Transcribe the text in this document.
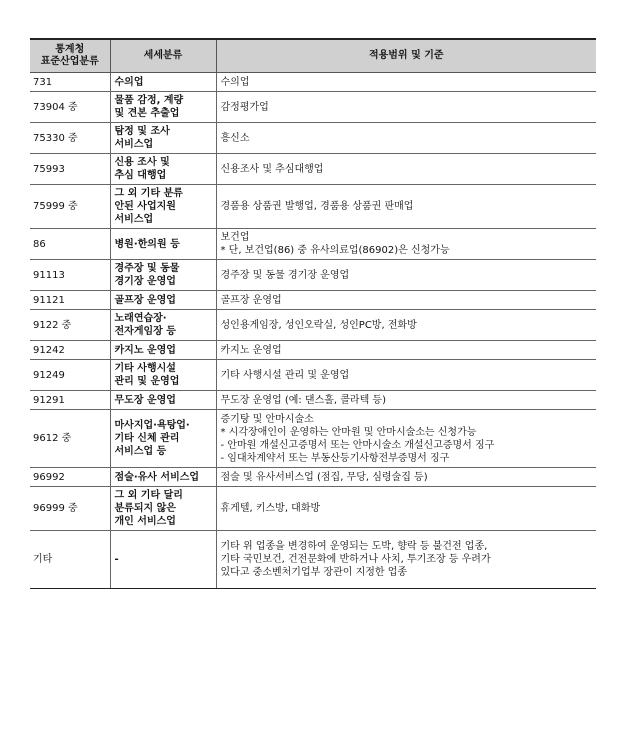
통계청
표준산업분류	세세분류	적용범위 및 기준
731	수의업	수의업

73904 중	물품 감정, 계량
및 견본 추출업	감정평가업

75330 중	탐정 및 조사
서비스업	흥신소

75993	신용 조사 및
추심 대행업	신용조사 및 추심대행업

75999 중	그 외 기타 분류
안된 사업지원
서비스업	경품용 상품권 발행업, 경품용 상품권 판매업

86	병원·한의원 등	보건업
* 단, 보건업(86) 중 유사의료업(86902)은 신청가능

91113	경주장 및 동물
경기장 운영업	경주장 및 동물 경기장 운영업

91121	골프장 운영업	골프장 운영업

9122 중	노래연습장·
전자게임장 등	성인용게임장, 성인오락실, 성인PC방, 전화방

91242	카지노 운영업	카지노 운영업

91249	기타 사행시설
관리 및 운영업	기타 사행시설 관리 및 운영업

91291	무도장 운영업	무도장 운영업 (예: 댄스홀, 콜라텍 등)

9612 중	마사지업·욕탕업·
기타 신체 관리
서비스업 등	증기탕 및 안마시술소
* 시각장애인이 운영하는 안마원 및 안마시술소는 신청가능
- 안마원 개설신고증명서 또는 안마시술소 개설신고증명서 징구
- 임대차계약서 또는 부동산등기사항전부증명서 징구

96992	점술·유사 서비스업	점술 및 유사서비스업 (점집, 무당, 심령술집 등)

96999 중	그 외 기타 달리
분류되지 않은
개인 서비스업	휴게텔, 키스방, 대화방

기타	-	기타 위 업종을 변경하여 운영되는 도박, 향락 등 불건전 업종,
기타 국민보건, 건전문화에 반하거나 사치, 투기조장 등 우려가
있다고 중소벤처기업부 장관이 지정한 업종
